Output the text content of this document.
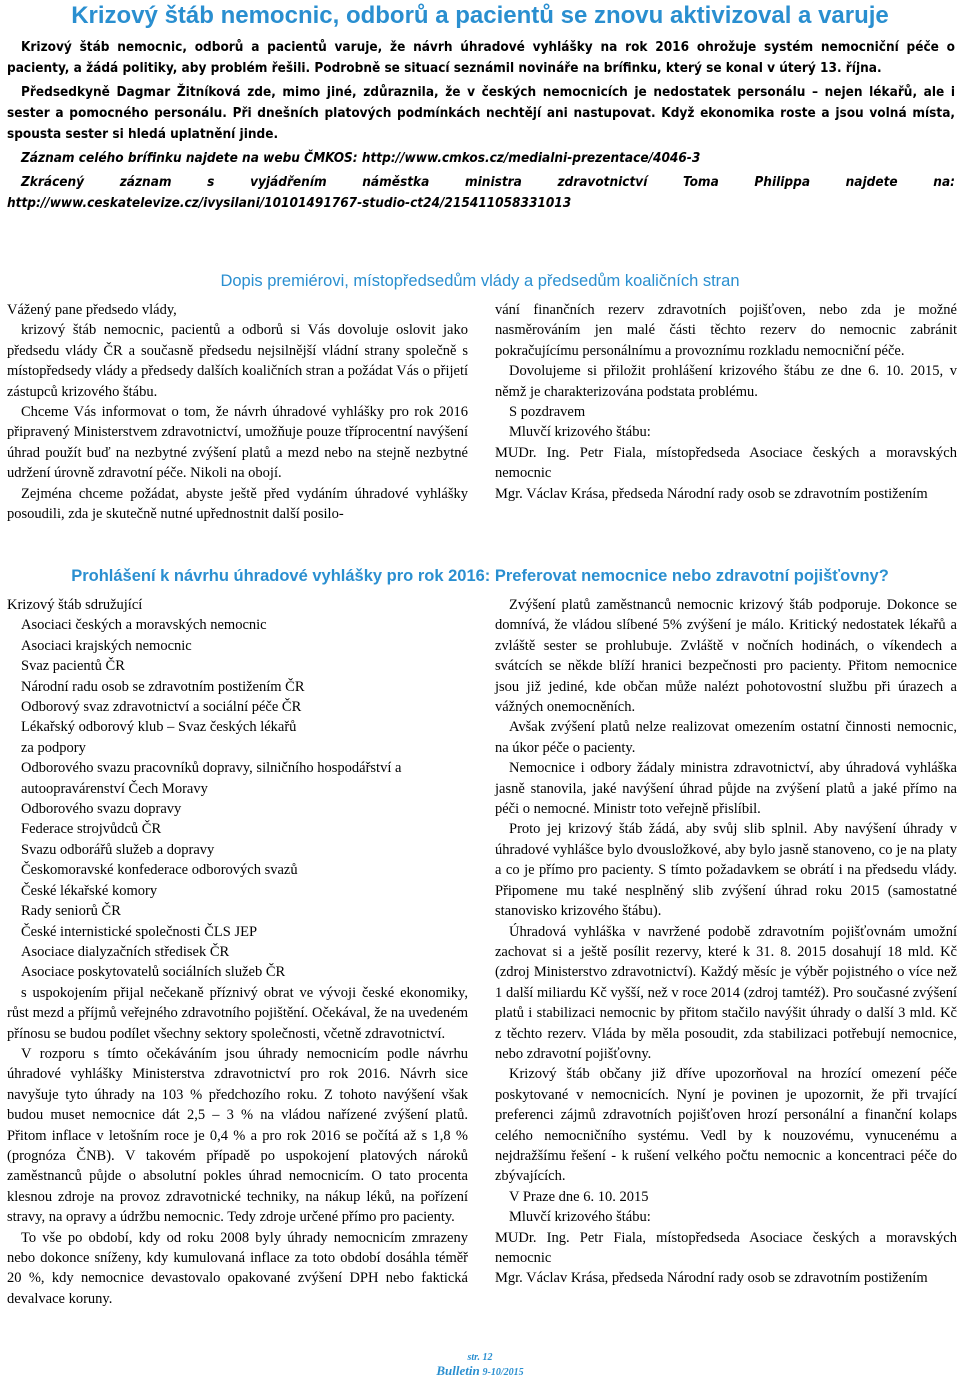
Krizový štáb nemocnic, odborů a pacientů se znovu aktivizoval a varuje

Krizový štáb nemocnic, odborů a pacientů varuje, že návrh úhradové vyhlášky na rok 2016 ohrožuje systém nemocniční péče o pacienty, a žádá politiky, aby problém řešili. Podrobně se situací seznámil novináře na brífinku, který se konal v úterý 13. října.

Předsedkyně Dagmar Žitníková zde, mimo jiné, zdůraznila, že v českých nemocnicích je nedostatek personálu – nejen lékařů, ale i sester a pomocného personálu. Při dnešních platových podmínkách nechtějí ani nastupovat. Když ekonomika roste a jsou volná místa, spousta sester si hledá uplatnění jinde.

Záznam celého brífinku najdete na webu ČMKOS: http://www.cmkos.cz/medialni-prezentace/4046-3

Zkrácený záznam s vyjádřením náměstka ministra zdravotnictví Toma Philippa najdete na: http://www.ceskatelevize.cz/ivysilani/10101491767-studio-ct24/215411058331013

Dopis premiérovi, místopředsedům vlády a předsedům koaličních stran

Vážený pane předsedo vlády,

krizový štáb nemocnic, pacientů a odborů si Vás dovoluje oslovit jako předsedu vlády ČR a současně předsedu nejsilnější vládní strany společně s místopředsedy vlády a předsedy dalších koaličních stran a požádat Vás o přijetí zástupců krizového štábu.

Chceme Vás informovat o tom, že návrh úhradové vyhlášky pro rok 2016 připravený Ministerstvem zdravotnictví, umožňuje pouze tříprocentní navýšení úhrad použít buď na nezbytné zvýšení platů a mezd nebo na stejně nezbytné udržení úrovně zdravotní péče. Nikoli na obojí.

Zejména chceme požádat, abyste ještě před vydáním úhradové vyhlášky posoudili, zda je skutečně nutné upřednostnit další posilo-

vání finančních rezerv zdravotních pojišťoven, nebo zda je možné nasměrováním jen malé části těchto rezerv do nemocnic zabránit pokračujícímu personálnímu a provoznímu rozkladu nemocniční péče.

Dovolujeme si přiložit prohlášení krizového štábu ze dne 6. 10. 2015, v němž je charakterizována podstata problému.

S pozdravem

Mluvčí krizového štábu:

MUDr. Ing. Petr Fiala, místopředseda Asociace českých a moravských nemocnic

Mgr. Václav Krása, předseda Národní rady osob se zdravotním postižením

Prohlášení k návrhu úhradové vyhlášky pro rok 2016: Preferovat nemocnice nebo zdravotní pojišťovny?

Krizový štáb sdružující

Asociaci českých a moravských nemocnic
Asociaci krajských nemocnic
Svaz pacientů ČR
Národní radu osob se zdravotním postižením ČR
Odborový svaz zdravotnictví a sociální péče ČR
Lékařský odborový klub – Svaz českých lékařů
za podpory
Odborového svazu pracovníků dopravy, silničního hospodářství a autoopravárenství Čech Moravy
Odborového svazu dopravy
Federace strojvůdců ČR
Svazu odborářů služeb a dopravy
Českomoravské konfederace odborových svazů
České lékařské komory
Rady seniorů ČR
České internistické společnosti ČLS JEP
Asociace dialyzačních středisek ČR
Asociace poskytovatelů sociálních služeb ČR

s uspokojením přijal nečekaně příznivý obrat ve vývoji české ekonomiky, růst mezd a příjmů veřejného zdravotního pojištění. Očekával, že na uvedeném přínosu se budou podílet všechny sektory společnosti, včetně zdravotnictví.

V rozporu s tímto očekáváním jsou úhrady nemocnicím podle návrhu úhradové vyhlášky Ministerstva zdravotnictví pro rok 2016. Návrh sice navyšuje tyto úhrady na 103 % předchozího roku. Z tohoto navýšení však budou muset nemocnice dát 2,5 – 3 % na vládou nařízené zvýšení platů. Přitom inflace v letošním roce je 0,4 % a pro rok 2016 se počítá až s 1,8 % (prognóza ČNB). V takovém případě po uspokojení platových nároků zaměstnanců půjde o absolutní pokles úhrad nemocnicím. O tato procenta klesnou zdroje na provoz zdravotnické techniky, na nákup léků, na pořízení stravy, na opravy a údržbu nemocnic. Tedy zdroje určené přímo pro pacienty.

To vše po období, kdy od roku 2008 byly úhrady nemocnicím zmrazeny nebo dokonce sníženy, kdy kumulovaná inflace za toto období dosáhla téměř 20 %, kdy nemocnice devastovalo opakované zvýšení DPH nebo faktická devalvace koruny.

Zvýšení platů zaměstnanců nemocnic krizový štáb podporuje. Dokonce se domnívá, že vládou slíbené 5% zvýšení je málo. Kritický nedostatek lékařů a zvláště sester se prohlubuje. Zvláště v nočních hodinách, o víkendech a svátcích se někde blíží hranici bezpečnosti pro pacienty. Přitom nemocnice jsou již jediné, kde občan může nalézt pohotovostní službu při úrazech a vážných onemocněních.

Avšak zvýšení platů nelze realizovat omezením ostatní činnosti nemocnic, na úkor péče o pacienty.

Nemocnice i odbory žádaly ministra zdravotnictví, aby úhradová vyhláška jasně stanovila, jaké navýšení úhrad půjde na zvýšení platů a jaké přímo na péči o nemocné. Ministr toto veřejně přislíbil.

Proto jej krizový štáb žádá, aby svůj slib splnil. Aby navýšení úhrady v úhradové vyhlášce bylo dvousložkové, aby bylo jasně stanoveno, co je na platy a co je přímo pro pacienty. S tímto požadavkem se obrátí i na předsedu vlády. Připomene mu také nesplněný slib zvýšení úhrad roku 2015 (samostatné stanovisko krizového štábu).

Úhradová vyhláška v navržené podobě zdravotním pojišťovnám umožní zachovat si a ještě posílit rezervy, které k 31. 8. 2015 dosahují 18 mld. Kč (zdroj Ministerstvo zdravotnictví). Každý měsíc je výběr pojistného o více než 1 další miliardu Kč vyšší, než v roce 2014 (zdroj tamtéž). Pro současné zvýšení platů i stabilizaci nemocnic by přitom stačilo navýšit úhrady o další 3 mld. Kč z těchto rezerv. Vláda by měla posoudit, zda stabilizaci potřebují nemocnice, nebo zdravotní pojišťovny.

Krizový štáb občany již dříve upozorňoval na hrozící omezení péče poskytované v nemocnicích. Nyní je povinen je upozornit, že při trvající preferenci zájmů zdravotních pojišťoven hrozí personální a finanční kolaps celého nemocničního systému. Vedl by k nouzovému, vynucenému a nejdražšímu řešení - k rušení velkého počtu nemocnic a koncentraci péče do zbývajících.

V Praze dne 6. 10. 2015

Mluvčí krizového štábu:

MUDr. Ing. Petr Fiala, místopředseda Asociace českých a moravských nemocnic

Mgr. Václav Krása, předseda Národní rady osob se zdravotním postižením

str. 12
Bulletin 9-10/2015
